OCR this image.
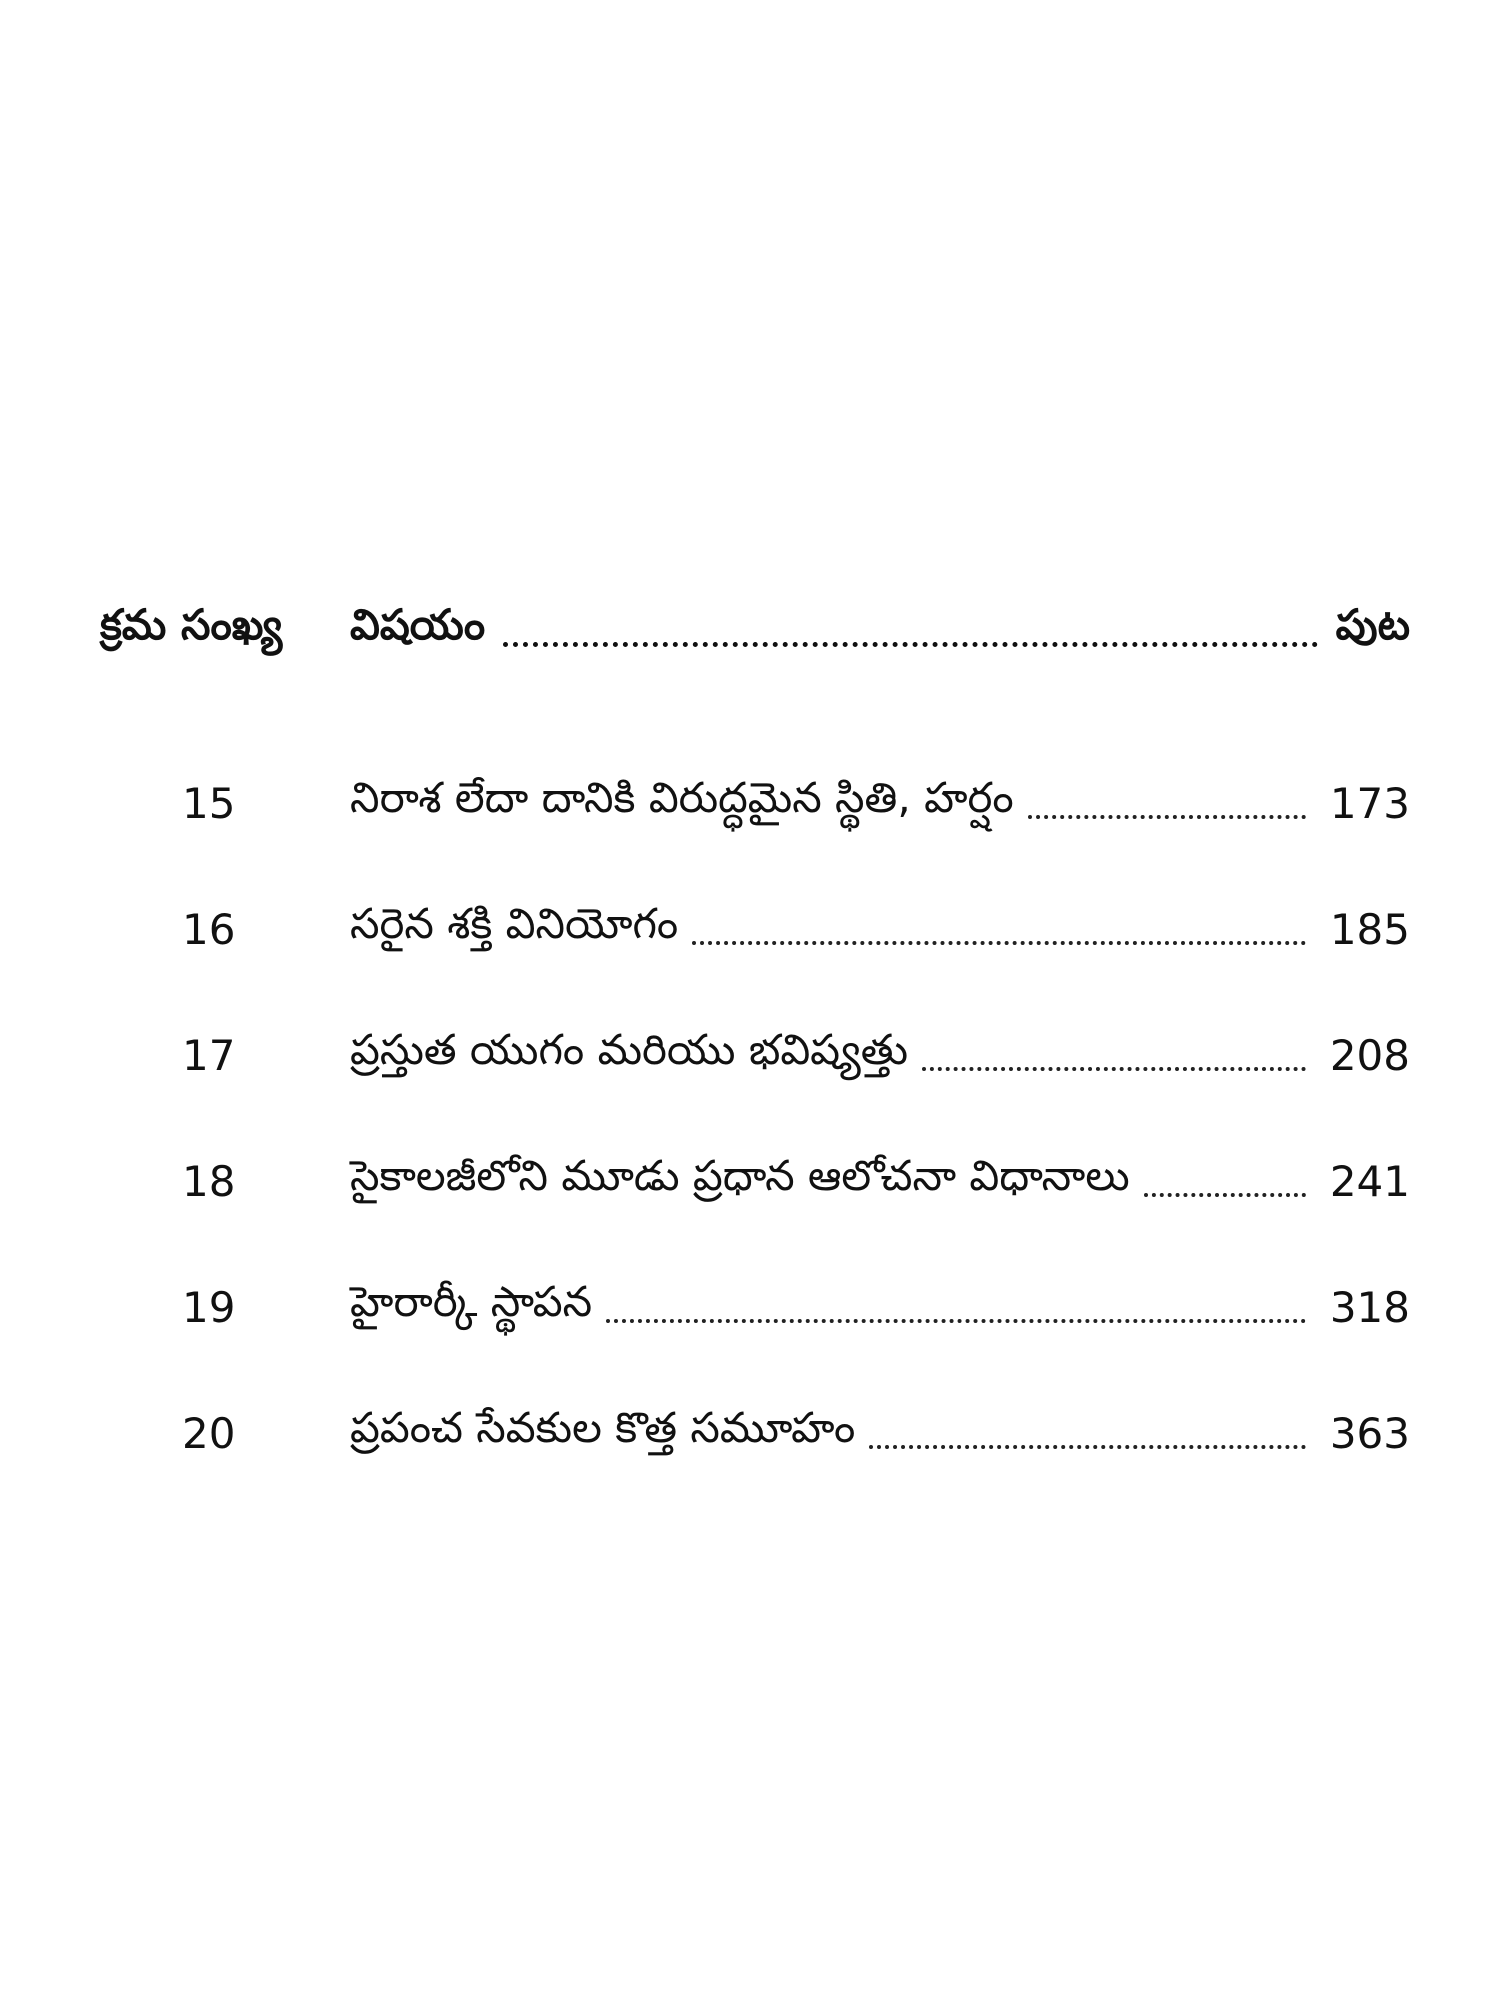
క్రమ సంఖ్య	విషయం	పుట
15	నిరాశ లేదా దానికి విరుద్ధమైన స్థితి, హర్షం	173
16	సరైన శక్తి వినియోగం	185
17	ప్రస్తుత యుగం మరియు భవిష్యత్తు	208
18	సైకాలజీలోని మూడు ప్రధాన ఆలోచనా విధానాలు	241
19	హైరార్కీ స్థాపన	318
20	ప్రపంచ సేవకుల కొత్త సమూహం	363
